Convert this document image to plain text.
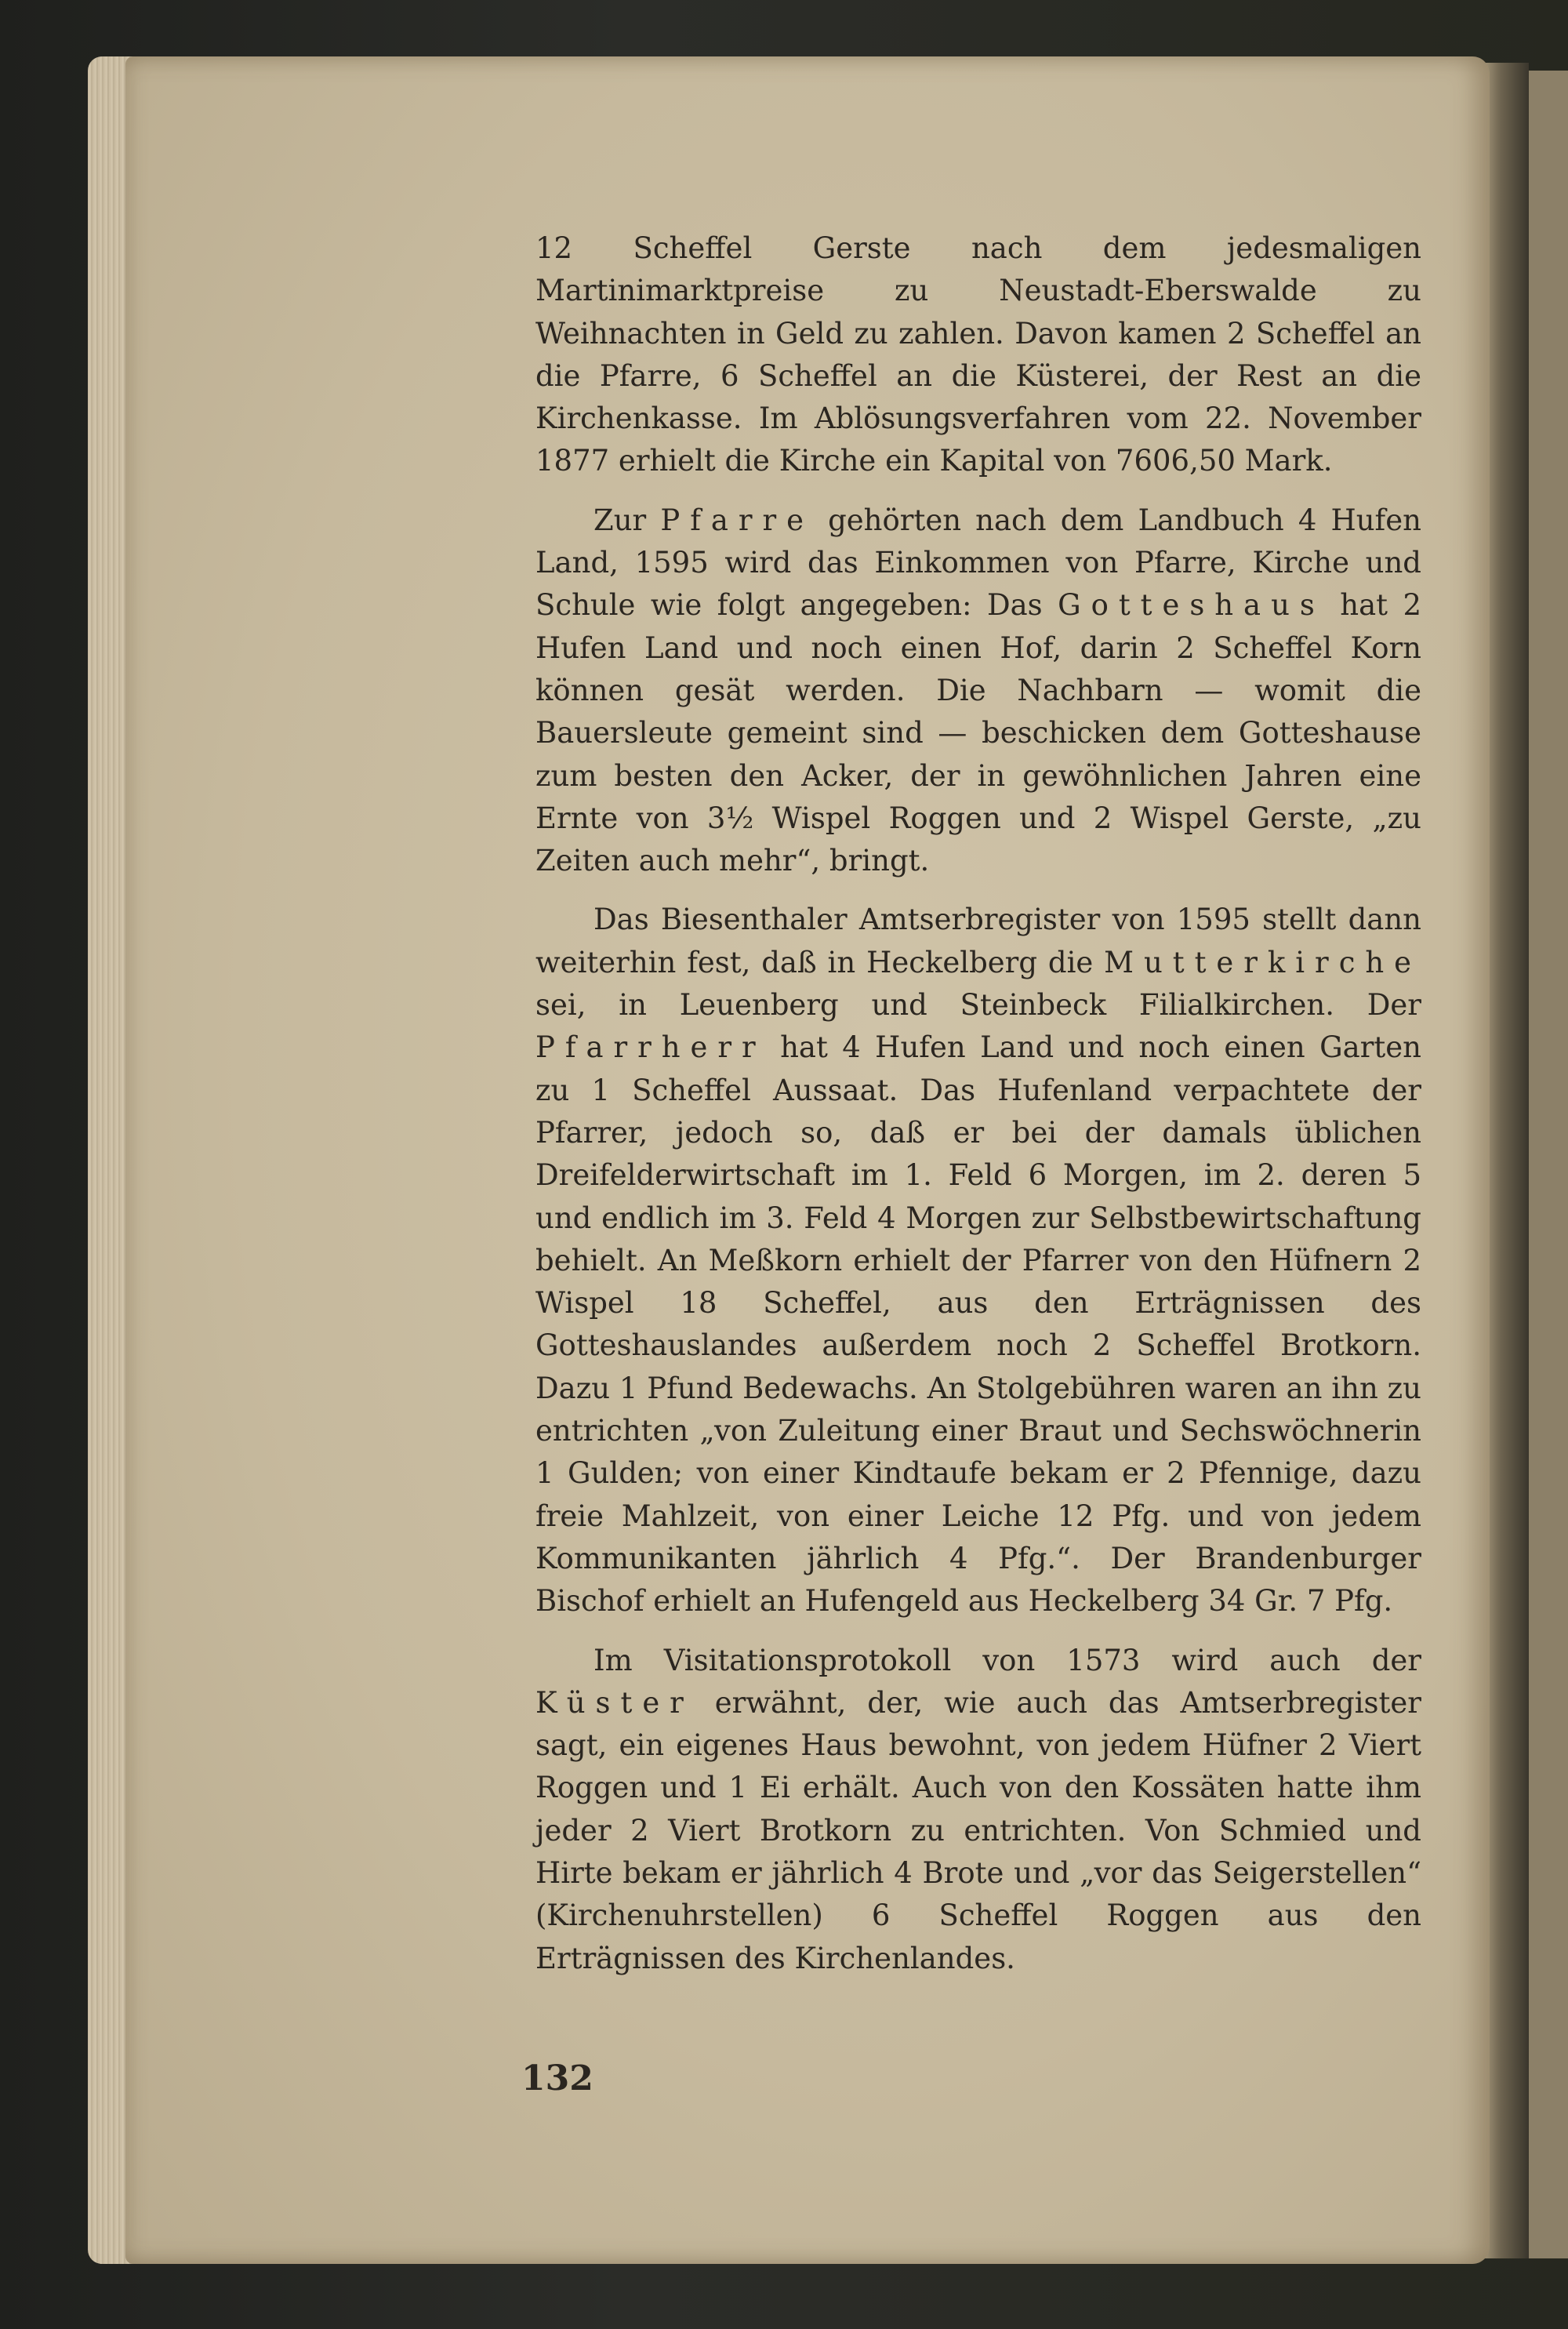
12 Scheffel Gerste nach dem jedesmaligen Martinimarktpreise zu Neustadt-Eberswalde zu Weihnachten in Geld zu zahlen. Davon kamen 2 Scheffel an die Pfarre, 6 Scheffel an die Küsterei, der Rest an die Kirchenkasse. Im Ablösungsverfahren vom 22. November 1877 erhielt die Kirche ein Kapital von 7606,50 Mark.

Zur Pfarre gehörten nach dem Landbuch 4 Hufen Land, 1595 wird das Einkommen von Pfarre, Kirche und Schule wie folgt angegeben: Das Gotteshaus hat 2 Hufen Land und noch einen Hof, darin 2 Scheffel Korn können gesät werden. Die Nachbarn — womit die Bauersleute gemeint sind — beschicken dem Gotteshause zum besten den Acker, der in gewöhnlichen Jahren eine Ernte von 3½ Wispel Roggen und 2 Wispel Gerste, „zu Zeiten auch mehr“, bringt.

Das Biesenthaler Amtserbregister von 1595 stellt dann weiterhin fest, daß in Heckelberg die Mutterkirche sei, in Leuenberg und Steinbeck Filialkirchen. Der Pfarrherr hat 4 Hufen Land und noch einen Garten zu 1 Scheffel Aussaat. Das Hufenland verpachtete der Pfarrer, jedoch so, daß er bei der damals üblichen Dreifelderwirtschaft im 1. Feld 6 Morgen, im 2. deren 5 und endlich im 3. Feld 4 Morgen zur Selbstbewirtschaftung behielt. An Meßkorn erhielt der Pfarrer von den Hüfnern 2 Wispel 18 Scheffel, aus den Erträgnissen des Gotteshauslandes außerdem noch 2 Scheffel Brotkorn. Dazu 1 Pfund Bedewachs. An Stolgebühren waren an ihn zu entrichten „von Zuleitung einer Braut und Sechswöchnerin 1 Gulden; von einer Kindtaufe bekam er 2 Pfennige, dazu freie Mahlzeit, von einer Leiche 12 Pfg. und von jedem Kommunikanten jährlich 4 Pfg.“. Der Brandenburger Bischof erhielt an Hufengeld aus Heckelberg 34 Gr. 7 Pfg.

Im Visitationsprotokoll von 1573 wird auch der Küster erwähnt, der, wie auch das Amtserbregister sagt, ein eigenes Haus bewohnt, von jedem Hüfner 2 Viert Roggen und 1 Ei erhält. Auch von den Kossäten hatte ihm jeder 2 Viert Brotkorn zu entrichten. Von Schmied und Hirte bekam er jährlich 4 Brote und „vor das Seigerstellen“ (Kirchenuhrstellen) 6 Scheffel Roggen aus den Erträgnissen des Kirchenlandes.

132
